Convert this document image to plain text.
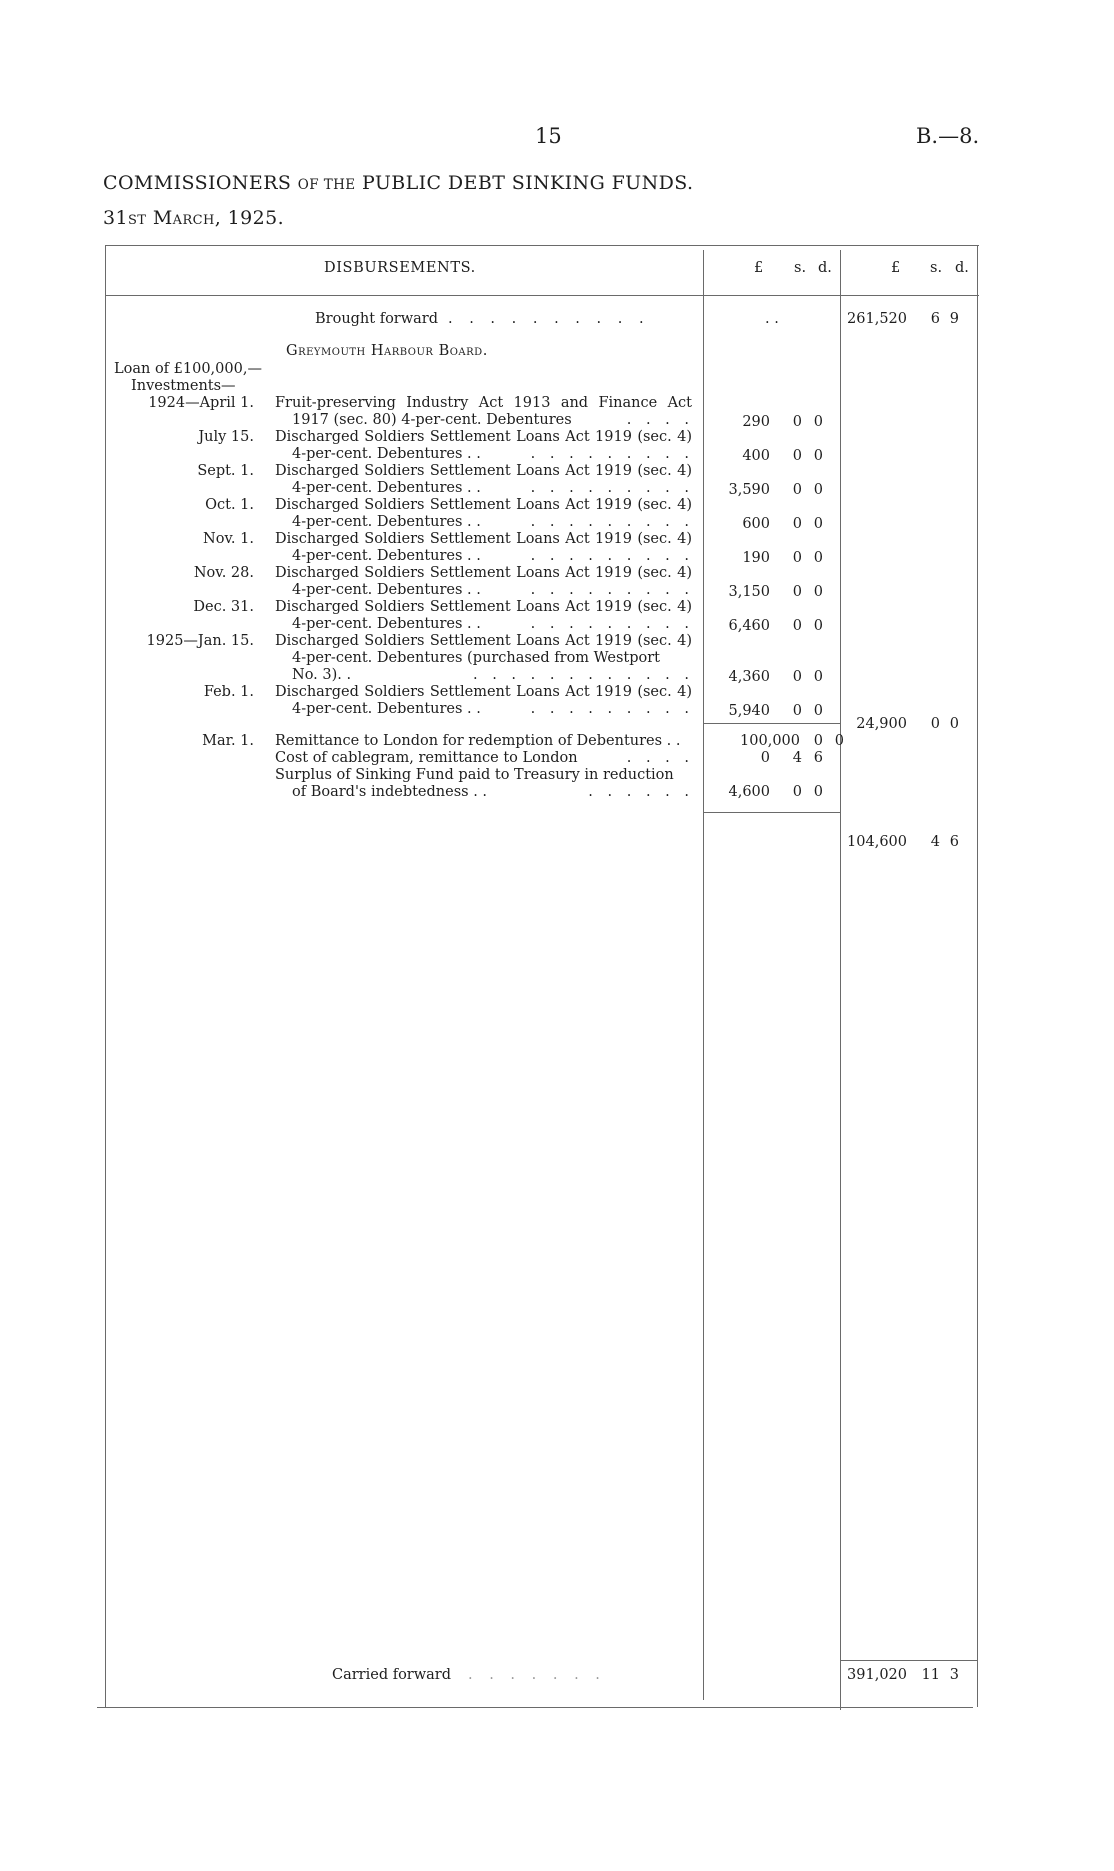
15	B.—8.
COMMISSIONERS OF THE PUBLIC DEBT SINKING FUNDS.
31st March, 1925.
DISBURSEMENTS.	£ s. d.	£ s. d.
Brought forward . . . . . . . . . .	. .	261,520 6 9
Greymouth Harbour Board.
Loan of £100,000,—
Investments—
1924—April 1. Fruit-preserving Industry Act 1913 and Finance Act
1917 (sec. 80) 4-per-cent. Debentures	. . . .	290 0 0
July 15. Discharged Soldiers Settlement Loans Act 1919 (sec. 4)
4-per-cent. Debentures . .	. . . . . . . . .	400 0 0
Sept. 1. Discharged Soldiers Settlement Loans Act 1919 (sec. 4)
4-per-cent. Debentures . .	. . . . . . . . . 3,590 0 0
Oct. 1. Discharged Soldiers Settlement Loans Act 1919 (sec. 4)
4-per-cent. Debentures . .	. . . . . . . . .	600 0 0
Nov. 1. Discharged Soldiers Settlement Loans Act 1919 (sec. 4)
4-per-cent. Debentures . .	. . . . . . . . .	190 0 0
Nov. 28. Discharged Soldiers Settlement Loans Act 1919 (sec. 4)
4-per-cent. Debentures . .	. . . . . . . . . 3,150 0 0
Dec. 31. Discharged Soldiers Settlement Loans Act 1919 (sec. 4)
4-per-cent. Debentures . .	. . . . . . . . . 6,460 0 0
1925—Jan. 15. Discharged Soldiers Settlement Loans Act 1919 (sec. 4)
4-per-cent. Debentures (purchased from Westport
No. 3). .	. . . . . . . . . . . . 4,360 0 0
Feb. 1. Discharged Soldiers Settlement Loans Act 1919 (sec. 4)
4-per-cent. Debentures . .	. . . . . . . . . 5,940 0 0
24,900 0 0
Mar. 1. Remittance to London for redemption of Debentures . .	100,000 0 0
Cost of cablegram, remittance to London	. . . .	0 4 6
Surplus of Sinking Fund paid to Treasury in reduction
of Board's indebtedness . .	. . . . . . 4,600 0 0
104,600 4 6
Carried forward . . . . . . .	391,020 11 3
